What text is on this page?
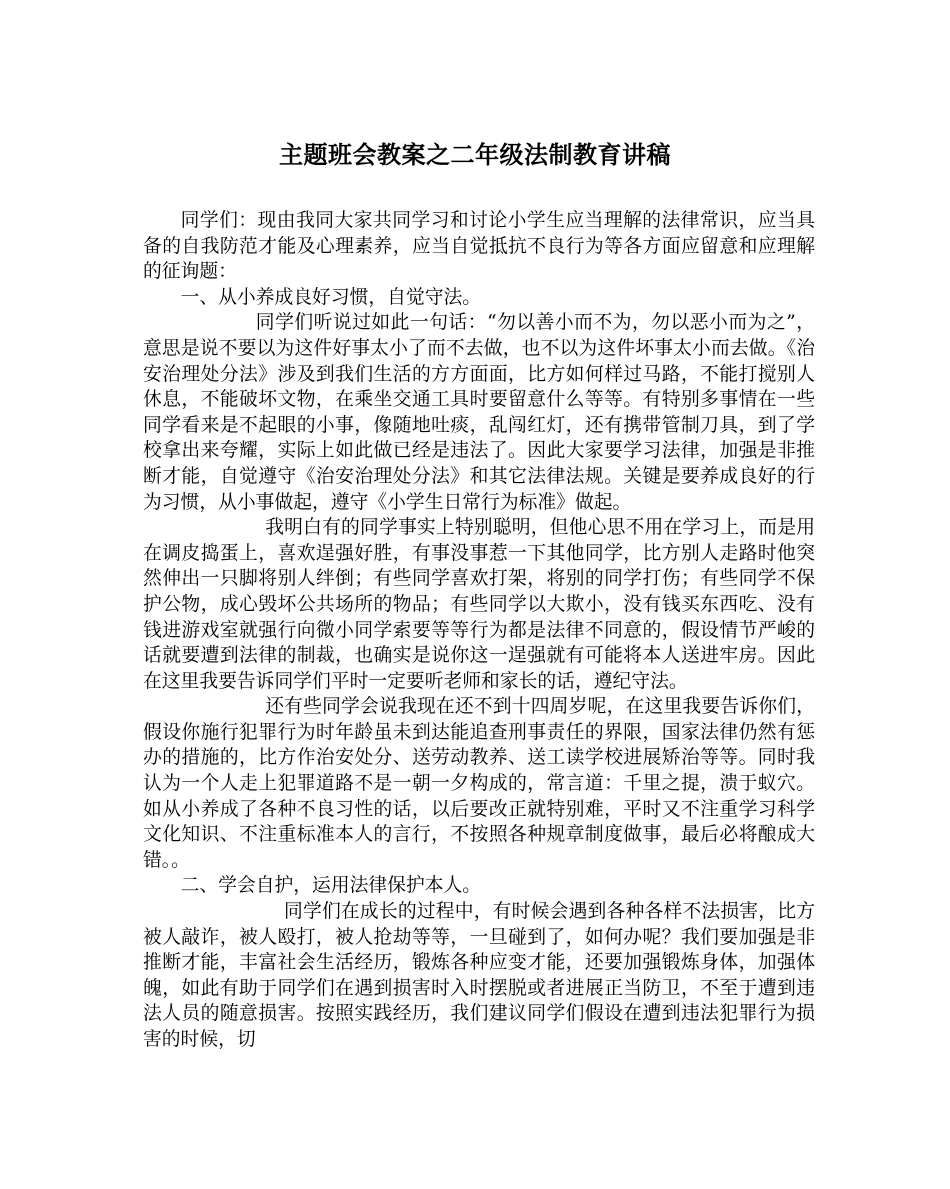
主题班会教案之二年级法制教育讲稿

同学们：现由我同大家共同学习和讨论小学生应当理解的法律常识，应当具备的自我防范才能及心理素养，应当自觉抵抗不良行为等各方面应留意和应理解的征询题：

一、从小养成良好习惯，自觉守法。

同学们听说过如此一句话：“勿以善小而不为，勿以恶小而为之”，意思是说不要以为这件好事太小了而不去做，也不以为这件坏事太小而去做。《治安治理处分法》涉及到我们生活的方方面面，比方如何样过马路，不能打搅别人休息，不能破坏文物，在乘坐交通工具时要留意什么等等。有特别多事情在一些同学看来是不起眼的小事，像随地吐痰，乱闯红灯，还有携带管制刀具，到了学校拿出来夸耀，实际上如此做已经是违法了。因此大家要学习法律，加强是非推断才能，自觉遵守《治安治理处分法》和其它法律法规。关键是要养成良好的行为习惯，从小事做起，遵守《小学生日常行为标准》做起。

我明白有的同学事实上特别聪明，但他心思不用在学习上，而是用在调皮捣蛋上，喜欢逞强好胜，有事没事惹一下其他同学，比方别人走路时他突然伸出一只脚将别人绊倒；有些同学喜欢打架，将别的同学打伤；有些同学不保护公物，成心毁坏公共场所的物品；有些同学以大欺小，没有钱买东西吃、没有钱进游戏室就强行向微小同学索要等等行为都是法律不同意的，假设情节严峻的话就要遭到法律的制裁，也确实是说你这一逞强就有可能将本人送进牢房。因此在这里我要告诉同学们平时一定要听老师和家长的话，遵纪守法。

还有些同学会说我现在还不到十四周岁呢，在这里我要告诉你们，假设你施行犯罪行为时年龄虽未到达能追查刑事责任的界限，国家法律仍然有惩办的措施的，比方作治安处分、送劳动教养、送工读学校进展矫治等等。同时我认为一个人走上犯罪道路不是一朝一夕构成的，常言道：千里之提，溃于蚁穴。如从小养成了各种不良习性的话，以后要改正就特别难，平时又不注重学习科学文化知识、不注重标准本人的言行，不按照各种规章制度做事，最后必将酿成大错。。

二、学会自护，运用法律保护本人。

同学们在成长的过程中，有时候会遇到各种各样不法损害，比方被人敲诈，被人殴打，被人抢劫等等，一旦碰到了，如何办呢？我们要加强是非推断才能，丰富社会生活经历，锻炼各种应变才能，还要加强锻炼身体，加强体魄，如此有助于同学们在遇到损害时入时摆脱或者进展正当防卫，不至于遭到违法人员的随意损害。按照实践经历，我们建议同学们假设在遭到违法犯罪行为损害的时候，切
